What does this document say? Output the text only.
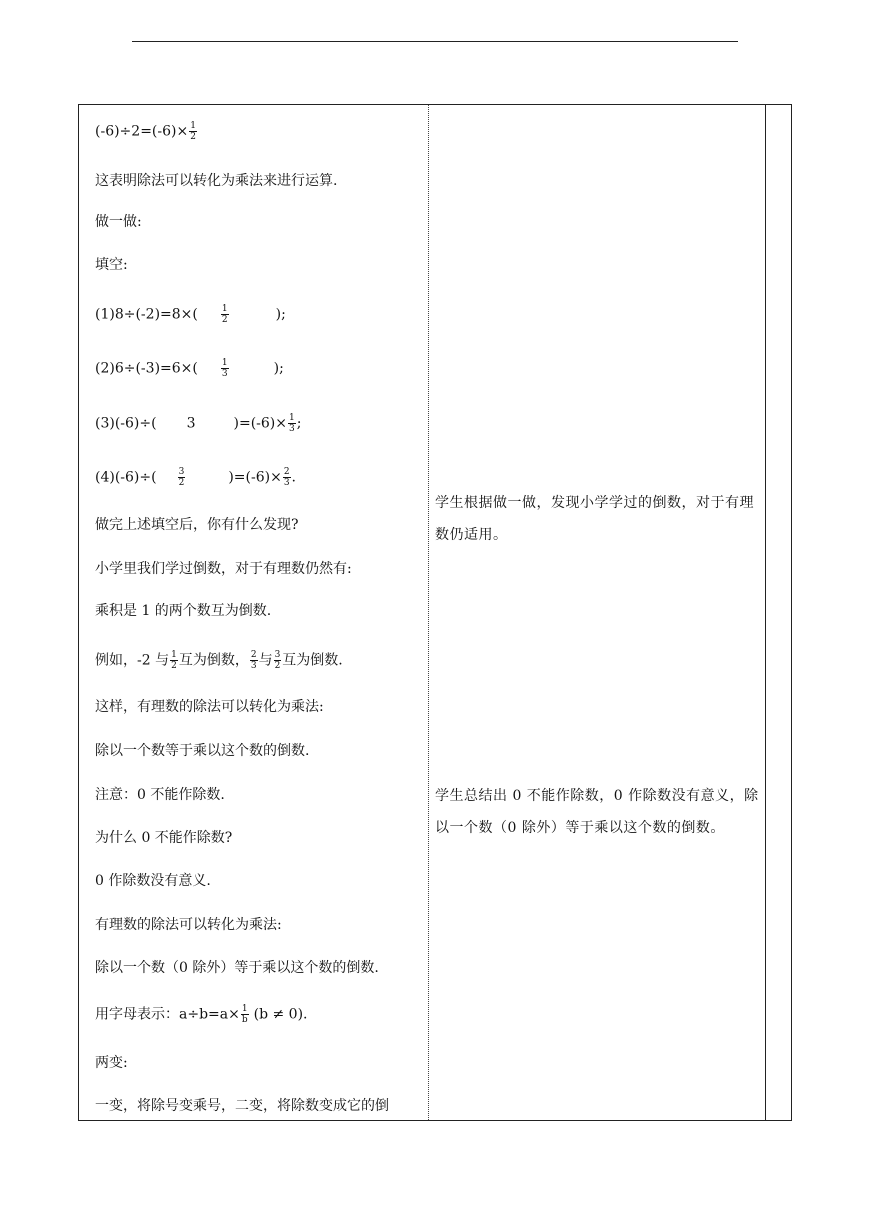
$(-6)\div 2=(-6)\times \frac{1}{2}$
这表明除法可以转化为乘法来进行运算.
做一做:
填空:
(1)8÷(-2)=8×(	$\frac{1}{2}$	);
(2)6÷(-3)=6×(	$\frac{1}{3}$	);
(3)(-6)÷( 3	)$=(-6)\times \frac{1}{3}$ ;
$(4)(-6)\div( \frac{3}{2}$	)$=(-6)\times \frac{2}{3}$ .
做完上述填空后，你有什么发现?
小学里我们学过倒数，对于有理数仍然有:
乘积是 1 的两个数互为倒数.
例如，-2 与 $\frac{1}{2}$ 互为倒数， $\frac{2}{3}$ 与 $\frac{3}{2}$ 互为倒数.
这样，有理数的除法可以转化为乘法:
除以一个数等于乘以这个数的倒数.
注意：0 不能作除数.
为什么 0 不能作除数?
0 作除数没有意义.
有理数的除法可以转化为乘法:
除以一个数（0 除外）等于乘以这个数的倒数.
用字母表示：$a\div b=a\times \frac{1}{b} (b \ne 0)$.
两变:
一变，将除号变乘号，二变，将除数变成它的倒
学生根据做一做，发现小学学过的倒数，对于有理数仍适用。
学生总结出 0 不能作除数，0 作除数没有意义，除以一个数（0 除外）等于乘以这个数的倒数。
